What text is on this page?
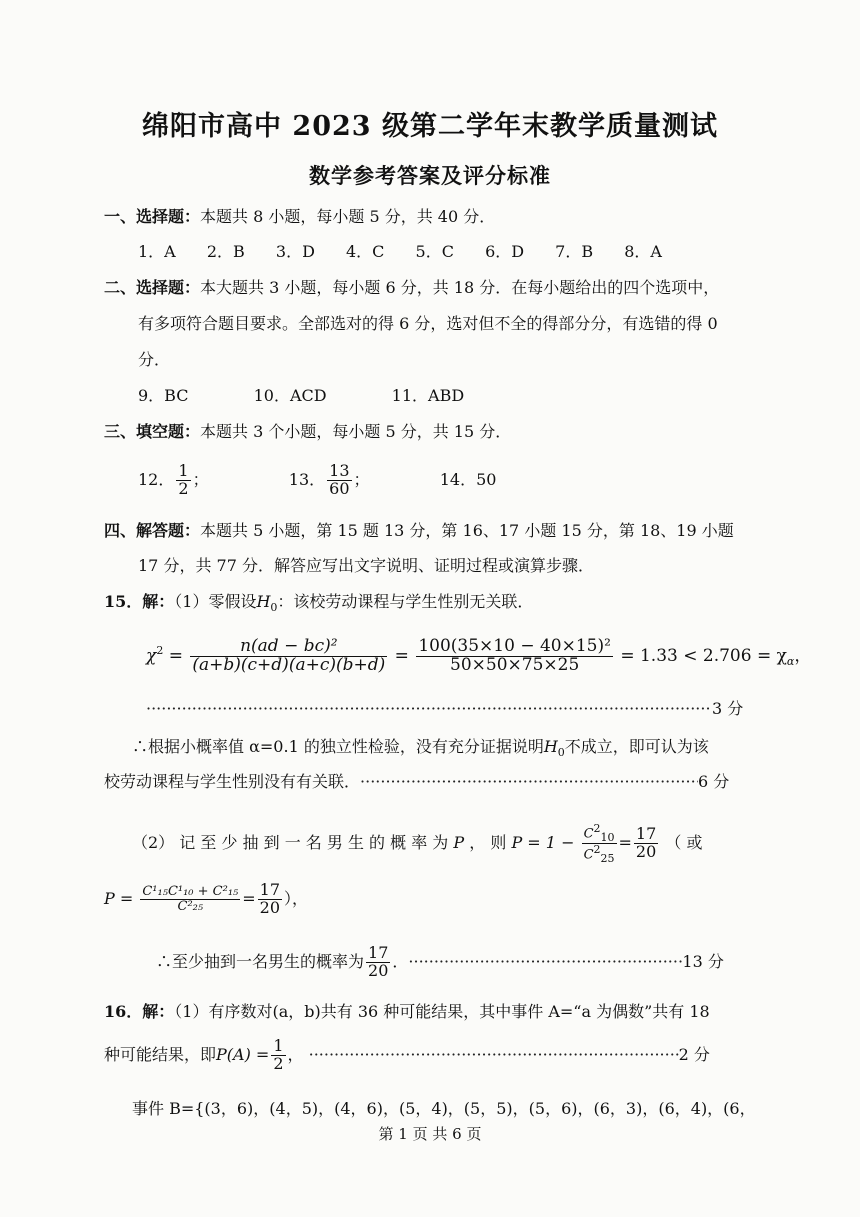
绵阳市高中 2023 级第二学年末教学质量测试
数学参考答案及评分标准
一、选择题：本题共 8 小题，每小题 5 分，共 40 分．
1．A 2．B 3．D 4．C 5．C 6．D 7．B 8．A
二、选择题：本大题共 3 小题，每小题 6 分，共 18 分．在每小题给出的四个选项中，
有多项符合题目要求。全部选对的得 6 分，选对但不全的得部分分，有选错的得 0
分．
9．BC	10．ACD	11．ABD
三、填空题：本题共 3 个小题，每小题 5 分，共 15 分．
12． $\frac{1}{2}$ ；	13． $\frac{13}{60}$ ；	14．50
四、解答题：本题共 5 小题，第 15 题 13 分，第 16、17 小题 15 分，第 18、19 小题
17 分，共 77 分．解答应写出文字说明、证明过程或演算步骤．
15．解：（1）零假设$H_0$：该校劳动课程与学生性别无关联．
$\chi^2 = \frac{\text{n(ad − bc)²}}{(a+b)(c+d)(a+c)(b+d)} = \frac{\text{100(35×10 − 40×15)²}}{50\times 50\times 75\times 25} = 1.33 < 2.706 = \chi_\alpha$，
·····3 分
∴根据小概率值 α=0.1 的独立性检验，没有充分证据说明$H_0$不成立，即可认为该
校劳动课程与学生性别没有有关联． ·····	6 分
（2） 记 至 少 抽 到 一 名 男 生 的 概 率 为 P ， 则 $P = 1 - \frac{C^2_{10}}{C^2_{25}} = \frac{17}{20}$ （ 或
$P = \frac{\text{C¹₁₅C¹₁₀ + C²₁₅}}{\text{C²₂₅}} = \frac{17}{20}$ ），
∴至少抽到一名男生的概率为 $\frac{17}{20}$ ． ·····	13 分
16．解：（1）有序数对(a，b)共有 36 种可能结果，其中事件 A=“a 为偶数”共有 18
种可能结果，即$P(A) = \frac{1}{2}$ ， ·····	2 分
事件 B={(3，6)，(4，5)，(4，6)，(5，4)，(5，5)，(5，6)，(6，3)，(6，4)，(6，
第 1 页 共 6 页
